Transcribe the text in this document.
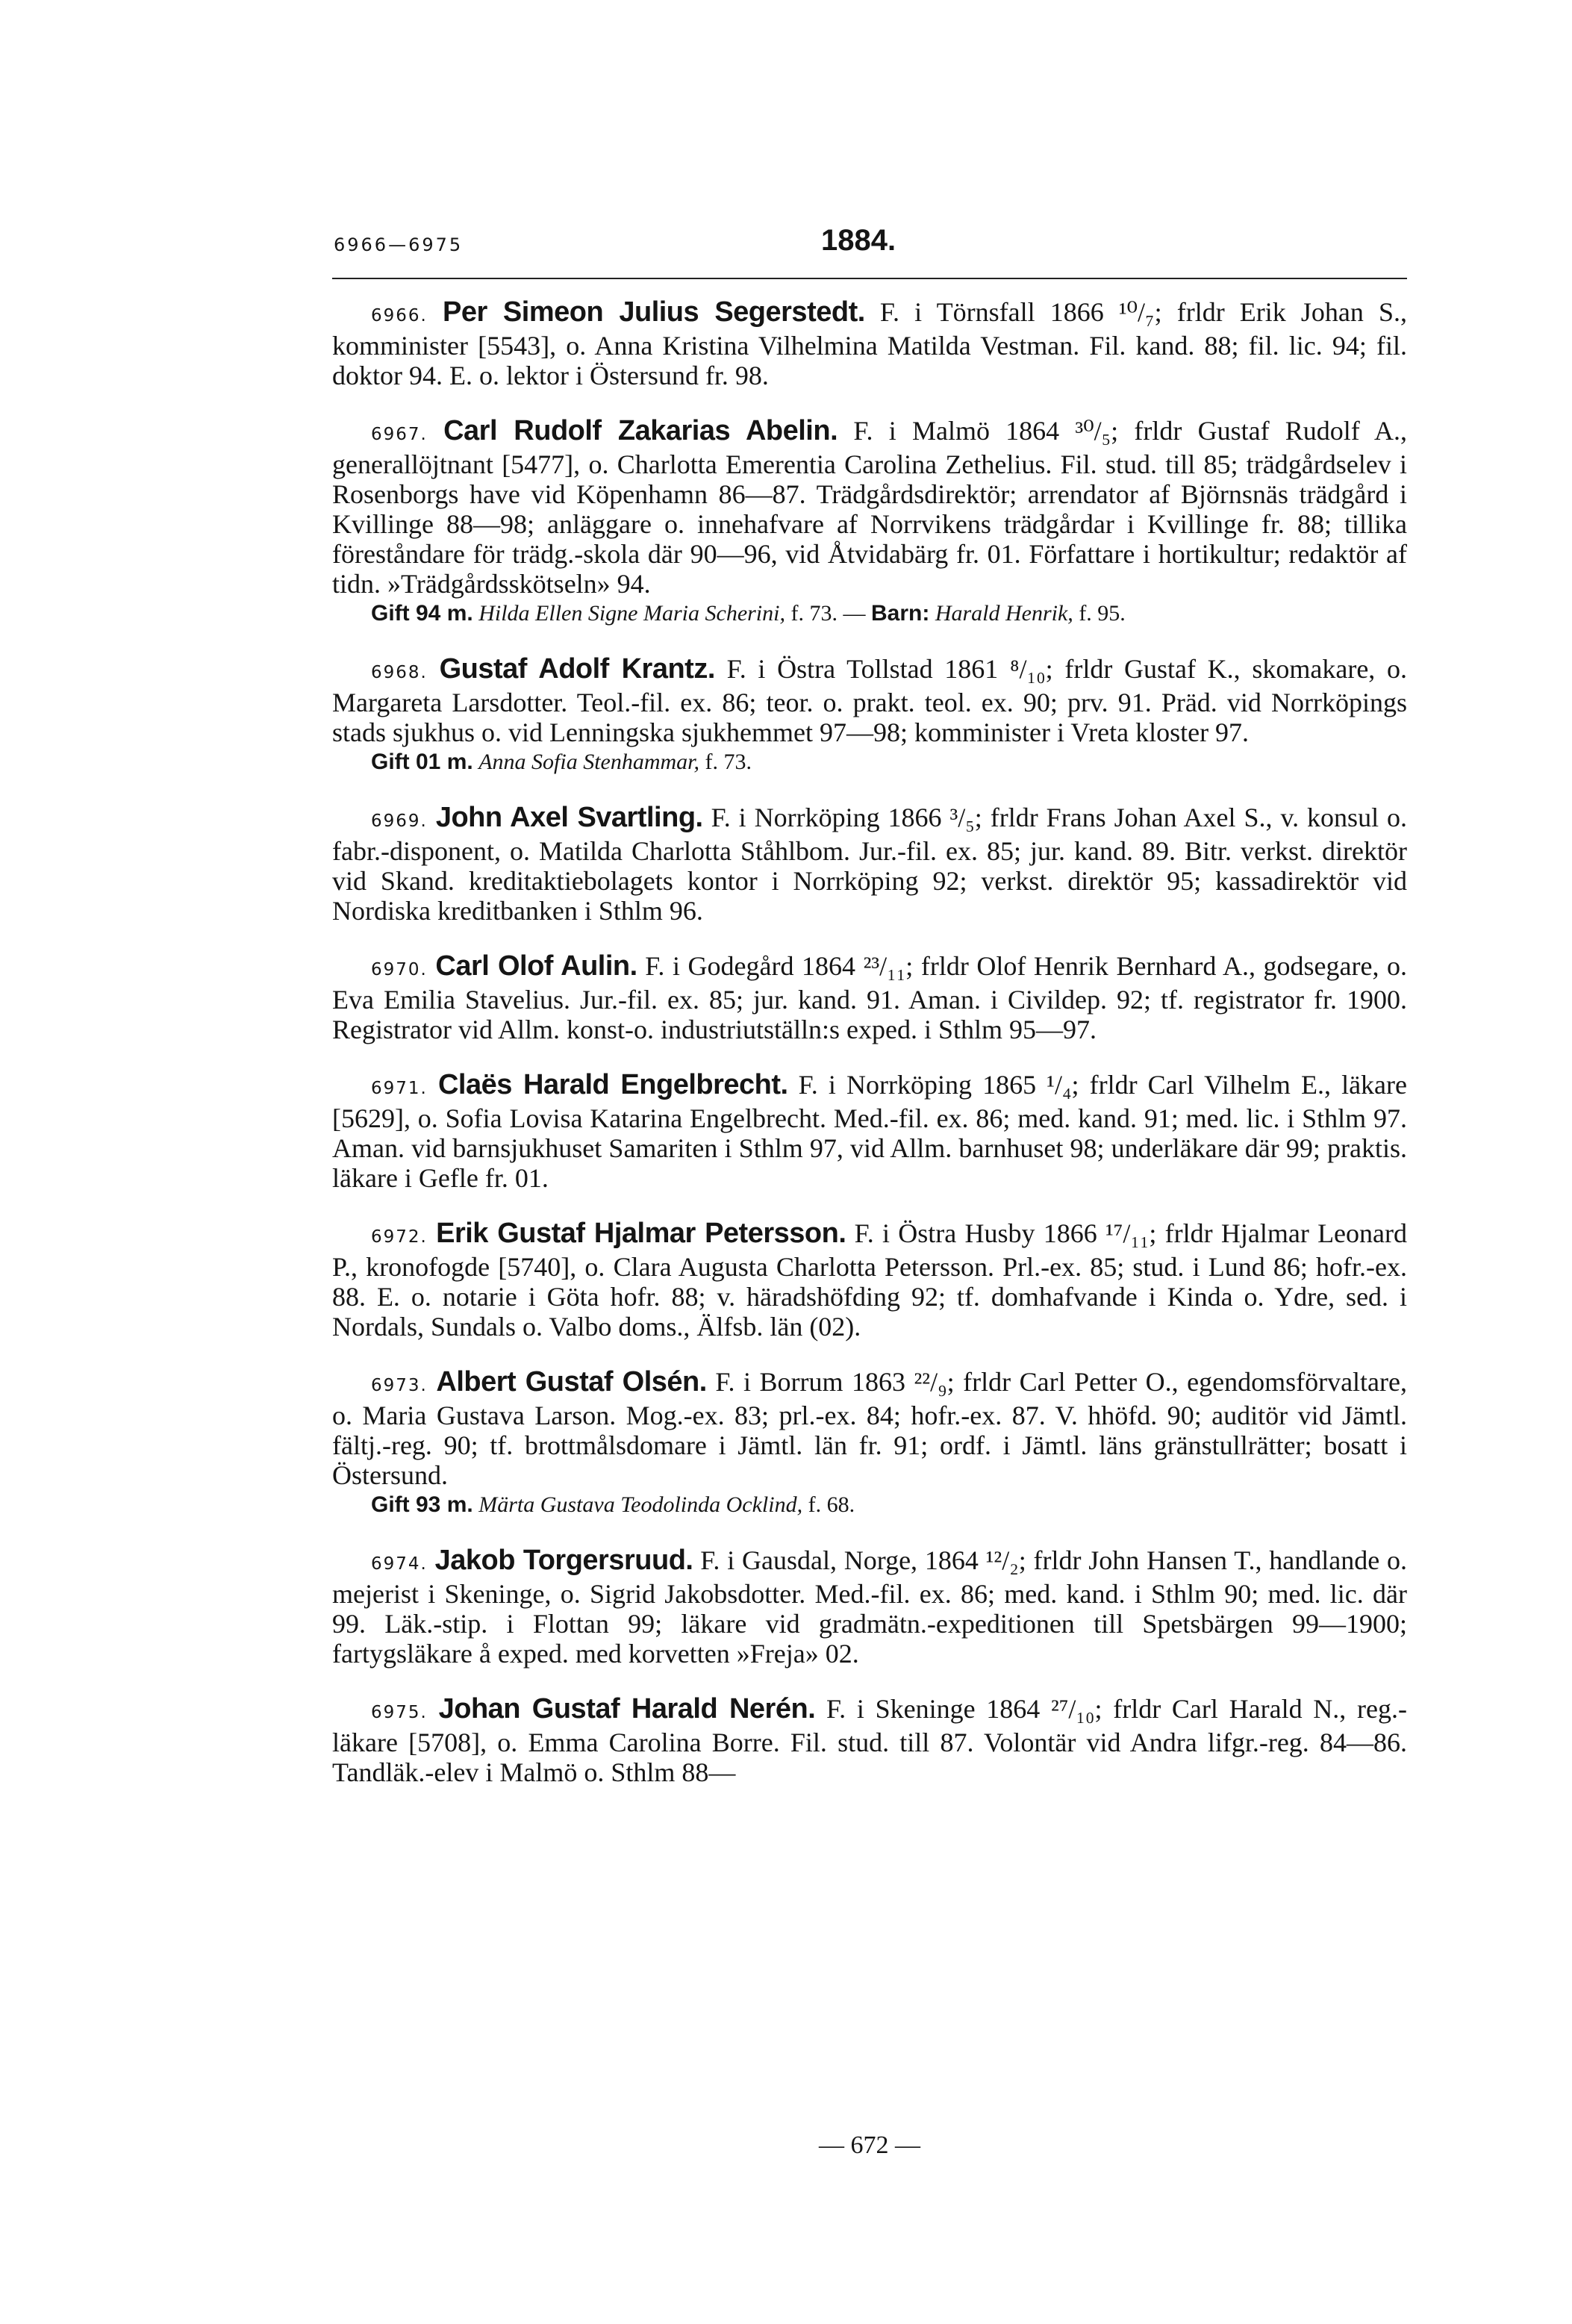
6966—6975	1884.

6966. Per Simeon Julius Segerstedt. F. i Törnsfall 1866 ¹⁰/₇; frldr Erik Johan S., komminister [5543], o. Anna Kristina Vilhelmina Matilda Vestman. Fil. kand. 88; fil. lic. 94; fil. doktor 94. E. o. lektor i Östersund fr. 98.

6967. Carl Rudolf Zakarias Abelin. F. i Malmö 1864 ³⁰/₅; frldr Gustaf Rudolf A., generallöjtnant [5477], o. Charlotta Emerentia Carolina Zethelius. Fil. stud. till 85; trädgårdselev i Rosenborgs have vid Köpenhamn 86—87. Trädgårdsdirektör; arrendator af Björnsnäs trädgård i Kvillinge 88—98; anläggare o. innehafvare af Norrvikens trädgårdar i Kvillinge fr. 88; tillika föreståndare för trädg.-skola där 90—96, vid Åtvidabärg fr. 01. Författare i hortikultur; redaktör af tidn. »Trädgårdsskötseln» 94.
Gift 94 m. Hilda Ellen Signe Maria Scherini, f. 73. — Barn: Harald Henrik, f. 95.

6968. Gustaf Adolf Krantz. F. i Östra Tollstad 1861 ⁸/₁₀; frldr Gustaf K., skomakare, o. Margareta Larsdotter. Teol.-fil. ex. 86; teor. o. prakt. teol. ex. 90; prv. 91. Präd. vid Norrköpings stads sjukhus o. vid Lenningska sjukhemmet 97—98; komminister i Vreta kloster 97.
Gift 01 m. Anna Sofia Stenhammar, f. 73.

6969. John Axel Svartling. F. i Norrköping 1866 ³/₅; frldr Frans Johan Axel S., v. konsul o. fabr.-disponent, o. Matilda Charlotta Ståhlbom. Jur.-fil. ex. 85; jur. kand. 89. Bitr. verkst. direktör vid Skand. kreditaktiebolagets kontor i Norrköping 92; verkst. direktör 95; kassadirektör vid Nordiska kreditbanken i Sthlm 96.

6970. Carl Olof Aulin. F. i Godegård 1864 ²³/₁₁; frldr Olof Henrik Bernhard A., godsegare, o. Eva Emilia Stavelius. Jur.-fil. ex. 85; jur. kand. 91. Aman. i Civildep. 92; tf. registrator fr. 1900. Registrator vid Allm. konst-o. industriutställn:s exped. i Sthlm 95—97.

6971. Claës Harald Engelbrecht. F. i Norrköping 1865 ¹/₄; frldr Carl Vilhelm E., läkare [5629], o. Sofia Lovisa Katarina Engelbrecht. Med.-fil. ex. 86; med. kand. 91; med. lic. i Sthlm 97. Aman. vid barnsjukhuset Samariten i Sthlm 97, vid Allm. barnhuset 98; underläkare där 99; praktis. läkare i Gefle fr. 01.

6972. Erik Gustaf Hjalmar Petersson. F. i Östra Husby 1866 ¹⁷/₁₁; frldr Hjalmar Leonard P., kronofogde [5740], o. Clara Augusta Charlotta Petersson. Prl.-ex. 85; stud. i Lund 86; hofr.-ex. 88. E. o. notarie i Göta hofr. 88; v. häradshöfding 92; tf. domhafvande i Kinda o. Ydre, sed. i Nordals, Sundals o. Valbo doms., Älfsb. län (02).

6973. Albert Gustaf Olsén. F. i Borrum 1863 ²²/₉; frldr Carl Petter O., egendomsförvaltare, o. Maria Gustava Larson. Mog.-ex. 83; prl.-ex. 84; hofr.-ex. 87. V. hhöfd. 90; auditör vid Jämtl. fältj.-reg. 90; tf. brottmålsdomare i Jämtl. län fr. 91; ordf. i Jämtl. läns gränstullrätter; bosatt i Östersund.
Gift 93 m. Märta Gustava Teodolinda Ocklind, f. 68.

6974. Jakob Torgersruud. F. i Gausdal, Norge, 1864 ¹²/₂; frldr John Hansen T., handlande o. mejerist i Skeninge, o. Sigrid Jakobsdotter. Med.-fil. ex. 86; med. kand. i Sthlm 90; med. lic. där 99. Läk.-stip. i Flottan 99; läkare vid gradmätn.-expeditionen till Spetsbärgen 99—1900; fartygsläkare å exped. med korvetten »Freja» 02.

6975. Johan Gustaf Harald Nerén. F. i Skeninge 1864 ²⁷/₁₀; frldr Carl Harald N., reg.-läkare [5708], o. Emma Carolina Borre. Fil. stud. till 87. Volontär vid Andra lifgr.-reg. 84—86. Tandläk.-elev i Malmö o. Sthlm 88—

— 672 —
